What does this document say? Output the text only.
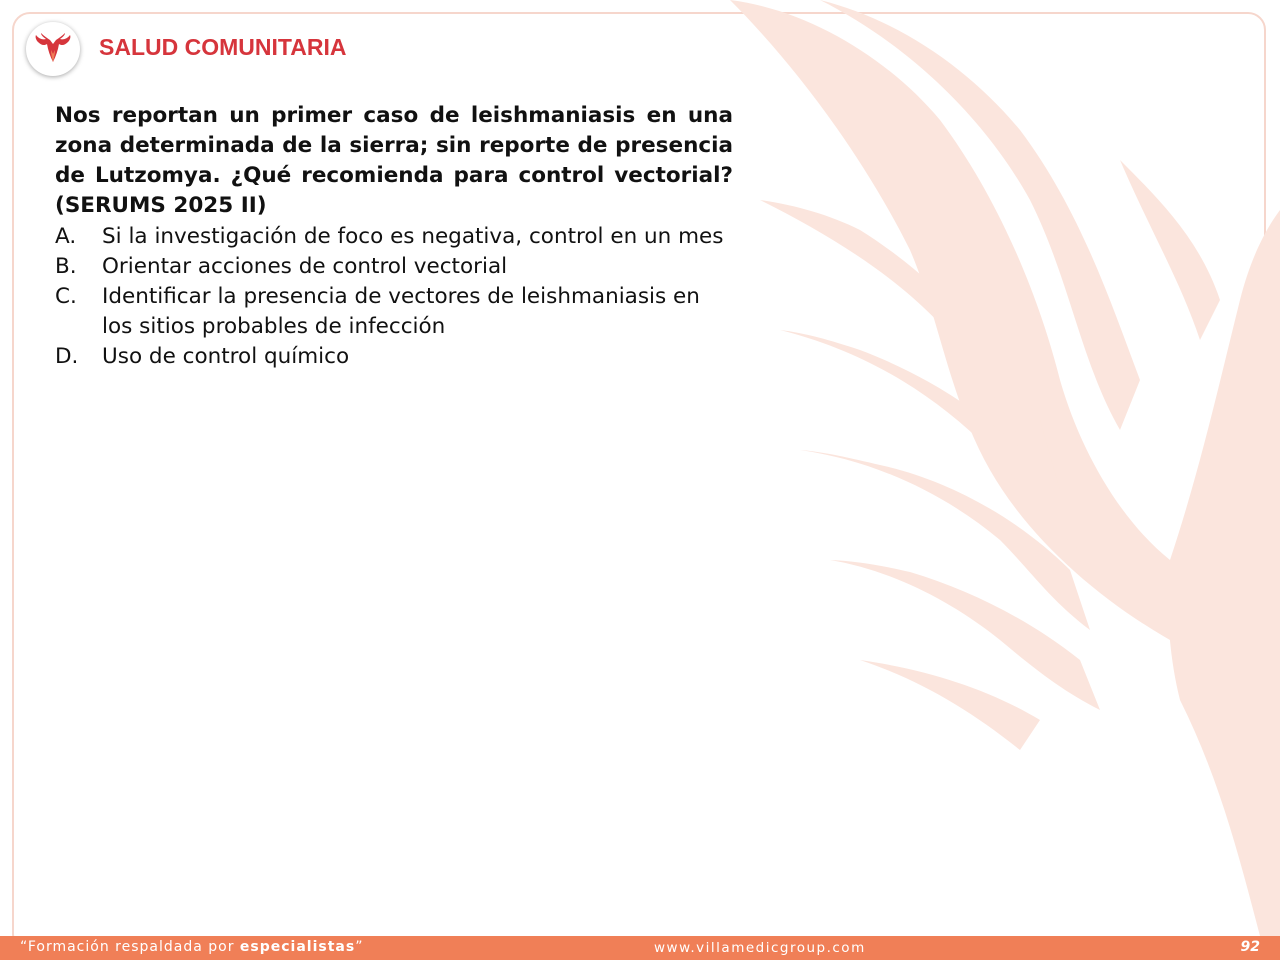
SALUD COMUNITARIA
Nos reportan un primer caso de leishmaniasis en una zona determinada de la sierra; sin reporte de presencia de Lutzomya. ¿Qué recomienda para control vectorial? (SERUMS 2025 II)
A.	Si la investigación de foco es negativa, control en un mes
B.	Orientar acciones de control vectorial
C.	Identificar la presencia de vectores de leishmaniasis en los sitios probables de infección
D.	Uso de control químico
“Formación respaldada por especialistas”	www.villamedicgroup.com	92
